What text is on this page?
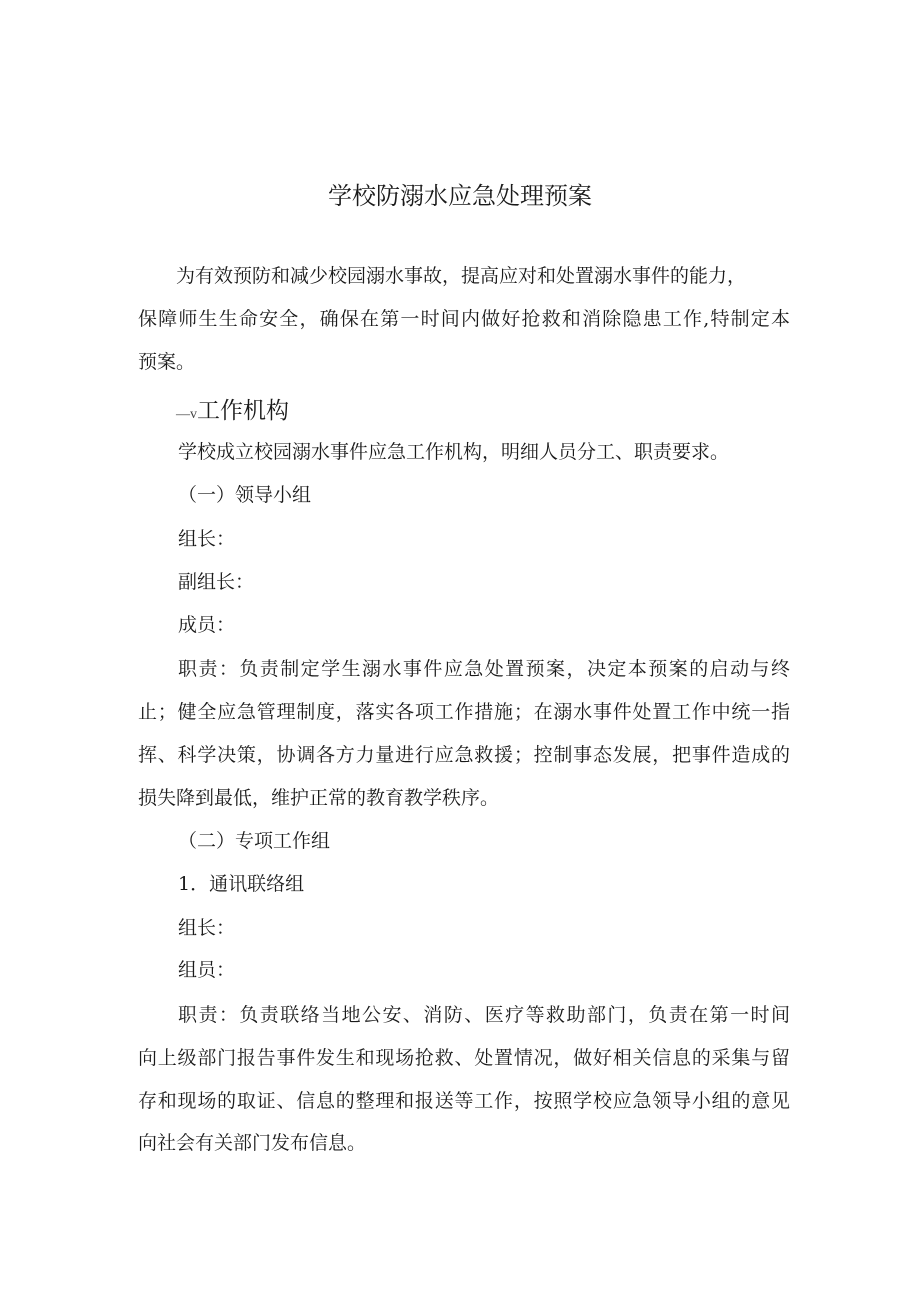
学校防溺水应急处理预案
为有效预防和减少校园溺水事故，提高应对和处置溺水事件的能力，
保障师生生命安全，确保在第一时间内做好抢救和消除隐患工作,特制定本
预案。
—v工作机构
学校成立校园溺水事件应急工作机构，明细人员分工、职责要求。
（一）领导小组
组长：
副组长：
成员：
职责：负责制定学生溺水事件应急处置预案，决定本预案的启动与终
止；健全应急管理制度，落实各项工作措施；在溺水事件处置工作中统一指
挥、科学决策，协调各方力量进行应急救援；控制事态发展，把事件造成的
损失降到最低，维护正常的教育教学秩序。
（二）专项工作组
1．通讯联络组
组长：
组员：
职责：负责联络当地公安、消防、医疗等救助部门，负责在第一时间
向上级部门报告事件发生和现场抢救、处置情况，做好相关信息的采集与留
存和现场的取证、信息的整理和报送等工作，按照学校应急领导小组的意见
向社会有关部门发布信息。
